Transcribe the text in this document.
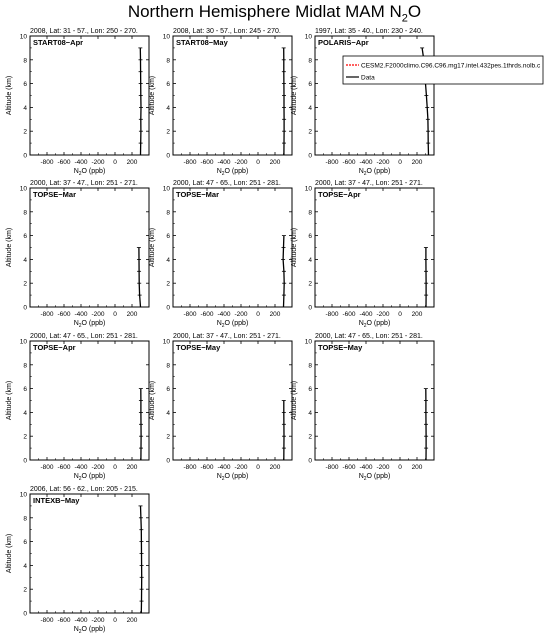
Northern Hemisphere Midlat MAM $N_2O$
2008, Lat: 31 - 57., Lon: 250 - 270.
START08−Apr
0
2
4
6
8
10
-800 -600 -400 -200 0 200
$N_2O$ (ppb)
Altitude (km)
2008, Lat: 30 - 57., Lon: 245 - 270.
START08−May
0
2
4
6
8
10
-800 -600 -400 -200 0 200
$N_2O$ (ppb)
Altitude (km)
1997, Lat: 35 - 40., Lon: 230 - 240.
POLARIS−Apr
0
2
4
6
8
10
-800 -600 -400 -200 0 200
$N_2O$ (ppb)
Altitude (km)
CESM2.F2000climo.C96.C96.mg17.intel.432pes.1thrds.nolb.c
Data
2000, Lat: 37 - 47., Lon: 251 - 271.
TOPSE−Mar
0
2
4
6
8
10
-800 -600 -400 -200 0 200
$N_2O$ (ppb)
Altitude (km)
2000, Lat: 47 - 65., Lon: 251 - 281.
TOPSE−Mar
0
2
4
6
8
10
-800 -600 -400 -200 0 200
$N_2O$ (ppb)
Altitude (km)
2000, Lat: 37 - 47., Lon: 251 - 271.
TOPSE−Apr
0
2
4
6
8
10
-800 -600 -400 -200 0 200
$N_2O$ (ppb)
Altitude (km)
2000, Lat: 47 - 65., Lon: 251 - 281.
TOPSE−Apr
0
2
4
6
8
10
-800 -600 -400 -200 0 200
$N_2O$ (ppb)
Altitude (km)
2000, Lat: 37 - 47., Lon: 251 - 271.
TOPSE−May
0
2
4
6
8
10
-800 -600 -400 -200 0 200
$N_2O$ (ppb)
Altitude (km)
2000, Lat: 47 - 65., Lon: 251 - 281.
TOPSE−May
0
2
4
6
8
10
-800 -600 -400 -200 0 200
$N_2O$ (ppb)
Altitude (km)
2006, Lat: 56 - 62., Lon: 205 - 215.
INTEXB−May
0
2
4
6
8
10
-800 -600 -400 -200 0 200
$N_2O$ (ppb)
Altitude (km)
